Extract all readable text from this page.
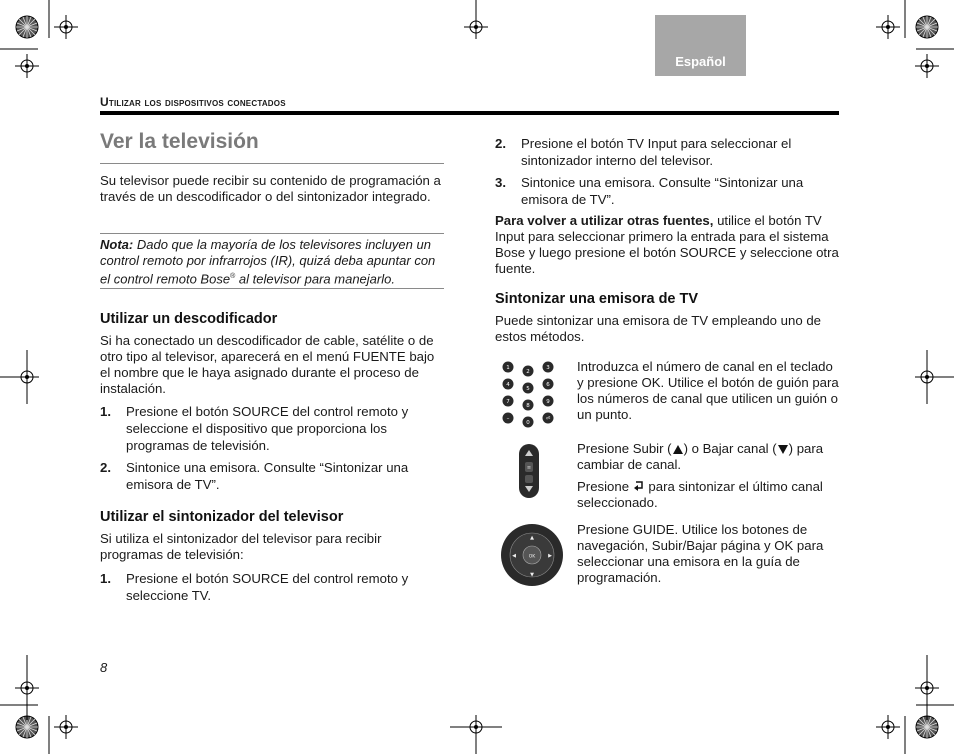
Español
Utilizar los dispositivos conectados
Ver la televisión

Su televisor puede recibir su contenido de programación a través de un descodificador o del sintonizador integrado.

Nota: Dado que la mayoría de los televisores incluyen un control remoto por infrarrojos (IR), quizá deba apuntar con el control remoto Bose® al televisor para manejarlo.
Utilizar un descodificador

Si ha conectado un descodificador de cable, satélite o de otro tipo al televisor, aparecerá en el menú FUENTE bajo el nombre que le haya asignado durante el proceso de instalación.

1. Presione el botón SOURCE del control remoto y seleccione el dispositivo que proporciona los programas de televisión.
2. Sintonice una emisora. Consulte “Sintonizar una emisora de TV”.
Utilizar el sintonizador del televisor

Si utiliza el sintonizador del televisor para recibir programas de televisión:

1. Presione el botón SOURCE del control remoto y seleccione TV.
8
2. Presione el botón TV Input para seleccionar el sintonizador interno del televisor.
3. Sintonice una emisora. Consulte “Sintonizar una emisora de TV”.

Para volver a utilizar otras fuentes, utilice el botón TV Input para seleccionar primero la entrada para el sistema Bose y luego presione el botón SOURCE y seleccione otra fuente.

Sintonizar una emisora de TV

Puede sintonizar una emisora de TV empleando uno de estos métodos.

1
2
3
4
5
6
7
8
9
–
0
⏎

Introduzca el número de canal en el teclado y presione OK. Utilice el botón de guión para los números de canal que utilicen un guión o un punto.

≡

Presione Subir ( ) o Bajar canal ( ) para cambiar de canal.

Presione para sintonizar el último canal seleccionado.

OK
▲
▼
◀	▶

Presione GUIDE. Utilice los botones de navegación, Subir/Bajar página y OK para seleccionar una emisora en la guía de programación.
